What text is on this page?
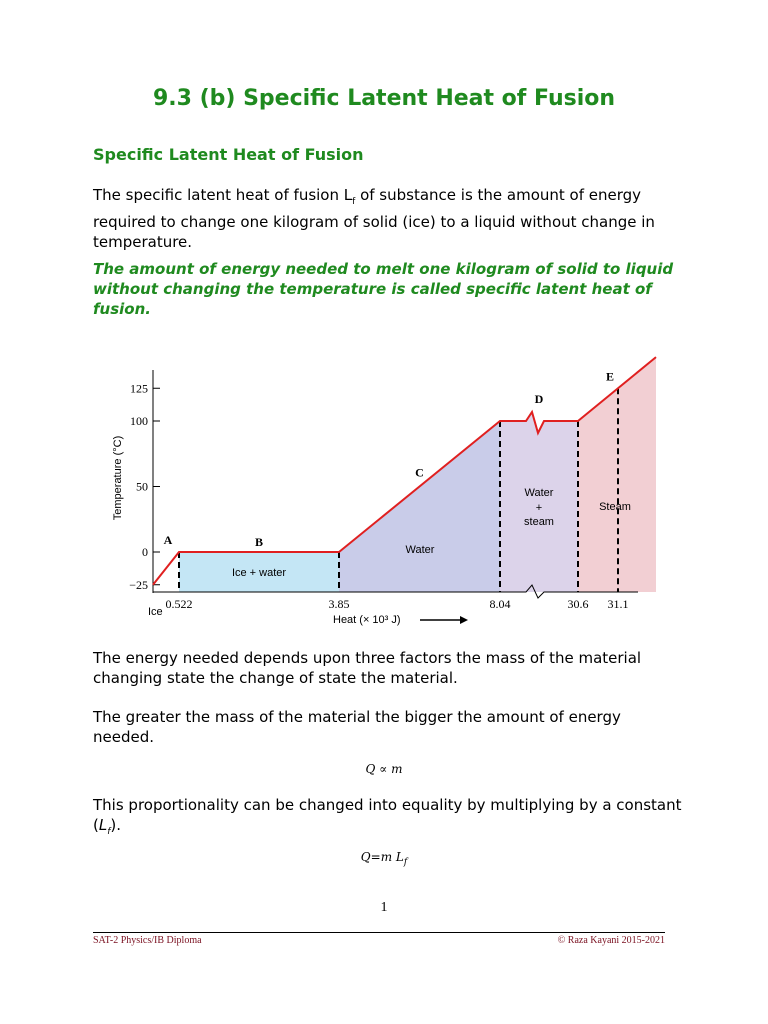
9.3 (b) Specific Latent Heat of Fusion
Specific Latent Heat of Fusion
The specific latent heat of fusion $L_f$ of substance is the amount of energy required to change one kilogram of solid (ice) to a liquid without change in temperature.
The amount of energy needed to melt one kilogram of solid to liquid without changing the temperature is called specific latent heat of fusion.
−25
0
50
100
125
0.522	3.85	8.04	30.6 31.1
A	B
C
D
E
Ice + water
Water
Water
+
steam
Steam
Ice
Heat (× 10³ J)
Temperature (°C)
The energy needed depends upon three factors the mass of the material changing state the change of state the material.
The greater the mass of the material the bigger the amount of energy needed.
Q ∝ m
This proportionality can be changed into equality by multiplying by a constant $(L_f)$.
Q=m $L_f$
1
SAT-2 Physics/IB Diploma	© Raza Kayani 2015-2021
